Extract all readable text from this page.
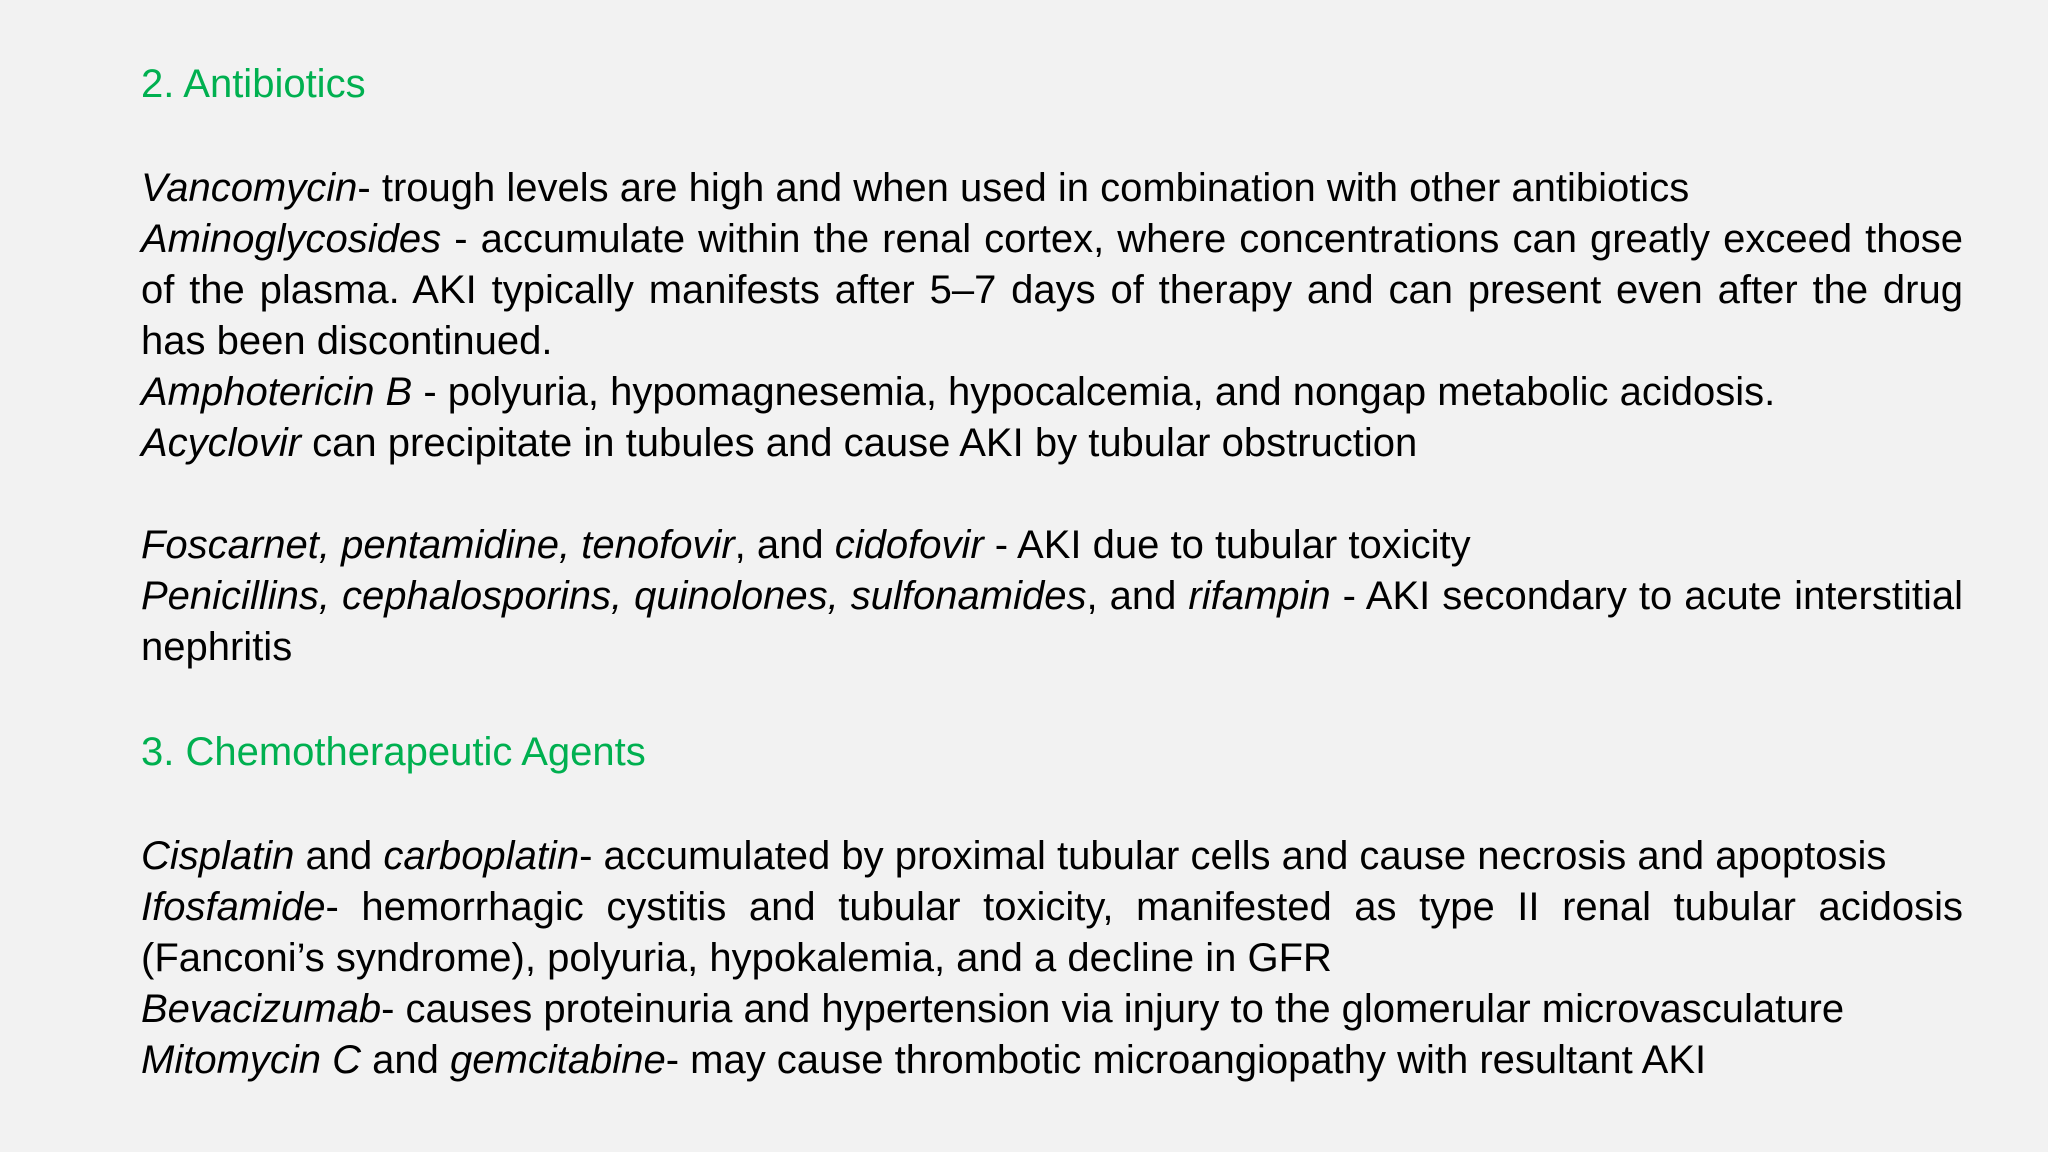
2. Antibiotics
Vancomycin- trough levels are high and when used in combination with other antibiotics
Aminoglycosides - accumulate within the renal cortex, where concentrations can greatly exceed those of the plasma. AKI typically manifests after 5–7 days of therapy and can present even after the drug has been discontinued.
Amphotericin B - polyuria, hypomagnesemia, hypocalcemia, and nongap metabolic acidosis.
Acyclovir can precipitate in tubules and cause AKI by tubular obstruction
Foscarnet, pentamidine, tenofovir, and cidofovir - AKI due to tubular toxicity
Penicillins, cephalosporins, quinolones, sulfonamides, and rifampin - AKI secondary to acute interstitial nephritis
3. Chemotherapeutic Agents
Cisplatin and carboplatin- accumulated by proximal tubular cells and cause necrosis and apoptosis
Ifosfamide- hemorrhagic cystitis and tubular toxicity, manifested as type II renal tubular acidosis (Fanconi’s syndrome), polyuria, hypokalemia, and a decline in GFR
Bevacizumab- causes proteinuria and hypertension via injury to the glomerular microvasculature
Mitomycin C and gemcitabine- may cause thrombotic microangiopathy with resultant AKI
